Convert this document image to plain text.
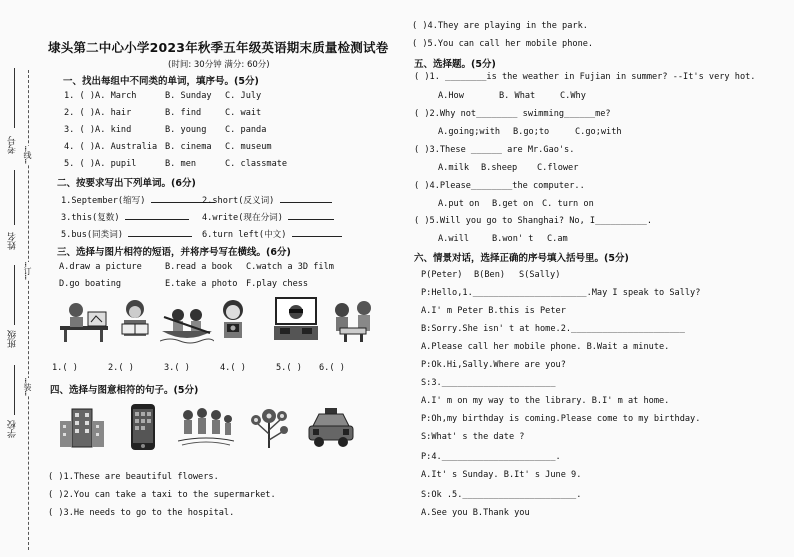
考号
姓名
班级
学校
…线…
…订…
…装…
埭头第二中心小学2023年秋季五年级英语期末质量检测试卷
(时间: 30分钟 满分: 60分)
一、找出每组中不同类的单词，填序号。(5分)
1. ( )A. March	B. Sunday C. July
2. ( )A. hair	B. find	C. wait
3. ( )A. kind	B. young C. panda
4. ( )A. Australia B. cinema C. museum
5. ( )A. pupil	B. men	C. classmate
二、按要求写出下列单词。(6分)
1.September(缩写)	2.short(反义词)
3.this(复数)	4.write(现在分词)
5.bus(同类词)	6.turn left(中文)
三、选择与图片相符的短语，并将序号写在横线。(6分)
A.draw a picture	B.read a book C.watch a 3D film
D.go boating	E.take a photo F.play chess
1.( )	2.( )	3.( )	4.( )	5.( ) 6.( )
四、选择与图意相符的句子。(5分)
( )1.These are beautiful flowers.
( )2.You can take a taxi to the supermarket.
( )3.He needs to go to the hospital.
( )4.They are playing in the park.
( )5.You can call her mobile phone.
五、选择题。(5分)
( )1. ________is the weather in Fujian in summer? --It's very hot.
A.How	B. What	C.Why
( )2.Why not________ swimming______me?
A.going;with B.go;to	C.go;with
( )3.These ______ are Mr.Gao's.
A.milk B.sheep C.flower
( )4.Please________the computer..
A.put on B.get on C. turn on
( )5.Will you go to Shanghai? No, I__________.
A.will	B.won' t C.am
六、情景对话，选择正确的序号填入括号里。(5分)
P(Peter) B(Ben) S(Sally)
P:Hello,1.______________________.May I speak to Sally?
A.I' m Peter B.this is Peter
B:Sorry.She isn' t at home.2.______________________
A.Please call her mobile phone. B.Wait a minute.
P:Ok.Hi,Sally.Where are you?
S:3.______________________
A.I' m on my way to the library. B.I' m at home.
P:Oh,my birthday is coming.Please come to my birthday.
S:What' s the date ?
P:4.______________________.
A.It' s Sunday. B.It' s June 9.
S:Ok .5.______________________.
A.See you B.Thank you
